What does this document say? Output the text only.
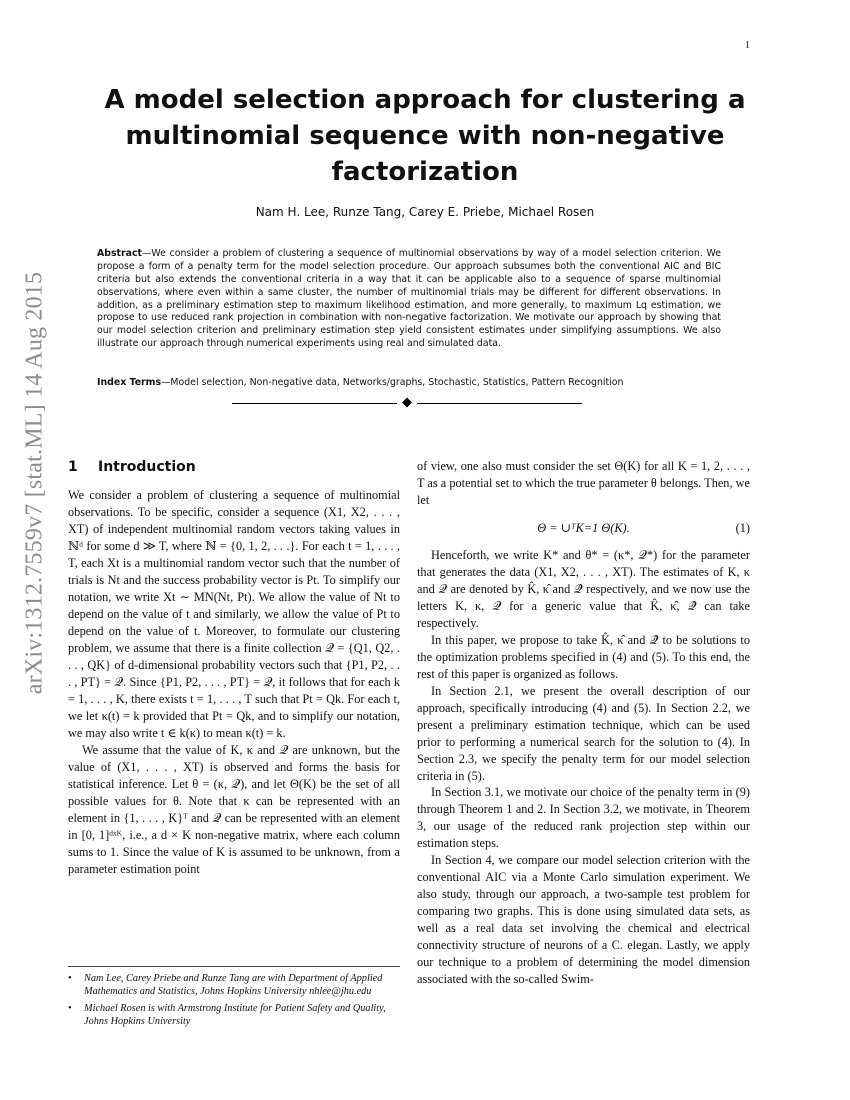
1
arXiv:1312.7559v7 [stat.ML] 14 Aug 2015
A model selection approach for clustering a multinomial sequence with non-negative factorization
Nam H. Lee, Runze Tang, Carey E. Priebe, Michael Rosen
Abstract—We consider a problem of clustering a sequence of multinomial observations by way of a model selection criterion. We propose a form of a penalty term for the model selection procedure. Our approach subsumes both the conventional AIC and BIC criteria but also extends the conventional criteria in a way that it can be applicable also to a sequence of sparse multinomial observations, where even within a same cluster, the number of multinomial trials may be different for different observations. In addition, as a preliminary estimation step to maximum likelihood estimation, and more generally, to maximum Lq estimation, we propose to use reduced rank projection in combination with non-negative factorization. We motivate our approach by showing that our model selection criterion and preliminary estimation step yield consistent estimates under simplifying assumptions. We also illustrate our approach through numerical experiments using real and simulated data.
Index Terms—Model selection, Non-negative data, Networks/graphs, Stochastic, Statistics, Pattern Recognition
1 Introduction

We consider a problem of clustering a sequence of multinomial observations. To be specific, consider a sequence (X1, X2, . . . , XT) of independent multinomial random vectors taking values in ℕᵈ for some d ≫ T, where ℕ = {0, 1, 2, . . .}. For each t = 1, . . . , T, each Xt is a multinomial random vector such that the number of trials is Nt and the success probability vector is Pt. To simplify our notation, we write Xt ∼ MN(Nt, Pt). We allow the value of Nt to depend on the value of t and similarly, we allow the value of Pt to depend on the value of t. Moreover, to formulate our clustering problem, we assume that there is a finite collection 𝒬 = {Q1, Q2, . . . , QK} of d-dimensional probability vectors such that {P1, P2, . . . , PT} = 𝒬. Since {P1, P2, . . . , PT} = 𝒬, it follows that for each k = 1, . . . , K, there exists t = 1, . . . , T such that Pt = Qk. For each t, we let κ(t) = k provided that Pt = Qk, and to simplify our notation, we may also write t ∈ k(κ) to mean κ(t) = k.

We assume that the value of K, κ and 𝒬 are unknown, but the value of (X1, . . . , XT) is observed and forms the basis for statistical inference. Let θ = (κ, 𝒬), and let Θ(K) be the set of all possible values for θ. Note that κ can be represented with an element in {1, . . . , K}ᵀ and 𝒬 can be represented with an element in [0, 1]ᵈˣᴷ, i.e., a d × K non-negative matrix, where each column sums to 1. Since the value of K is assumed to be unknown, from a parameter estimation point

of view, one also must consider the set Θ(K) for all K = 1, 2, . . . , T as a potential set to which the true parameter θ belongs. Then, we let

Θ = ∪ᵀK=1 Θ(K).	(1)

Henceforth, we write K* and θ* = (κ*, 𝒬*) for the parameter that generates the data (X1, X2, . . . , XT). The estimates of K, κ and 𝒬 are denoted by K̂, κ̂ and 𝒬̂ respectively, and we now use the letters K, κ, 𝒬 for a generic value that K̂, κ̂, 𝒬̂ can take respectively.

In this paper, we propose to take K̂, κ̂ and 𝒬̂ to be solutions to the optimization problems specified in (4) and (5). To this end, the rest of this paper is organized as follows.

In Section 2.1, we present the overall description of our approach, specifically introducing (4) and (5). In Section 2.2, we present a preliminary estimation technique, which can be used prior to performing a numerical search for the solution to (4). In Section 2.3, we specify the penalty term for our model selection criteria in (5).

In Section 3.1, we motivate our choice of the penalty term in (9) through Theorem 1 and 2. In Section 3.2, we motivate, in Theorem 3, our usage of the reduced rank projection step within our estimation steps.

In Section 4, we compare our model selection criterion with the conventional AIC via a Monte Carlo simulation experiment. We also study, through our approach, a two-sample test problem for comparing two graphs. This is done using simulated data sets, as well as a real data set involving the chemical and electrical connectivity structure of neurons of a C. elegan. Lastly, we apply our technique to a problem of determining the model dimension associated with the so-called Swim-

• Nam Lee, Carey Priebe and Runze Tang are with Department of Applied Mathematics and Statistics, Johns Hopkins University nhlee@jhu.edu
• Michael Rosen is with Armstrong Institute for Patient Safety and Quality, Johns Hopkins University
